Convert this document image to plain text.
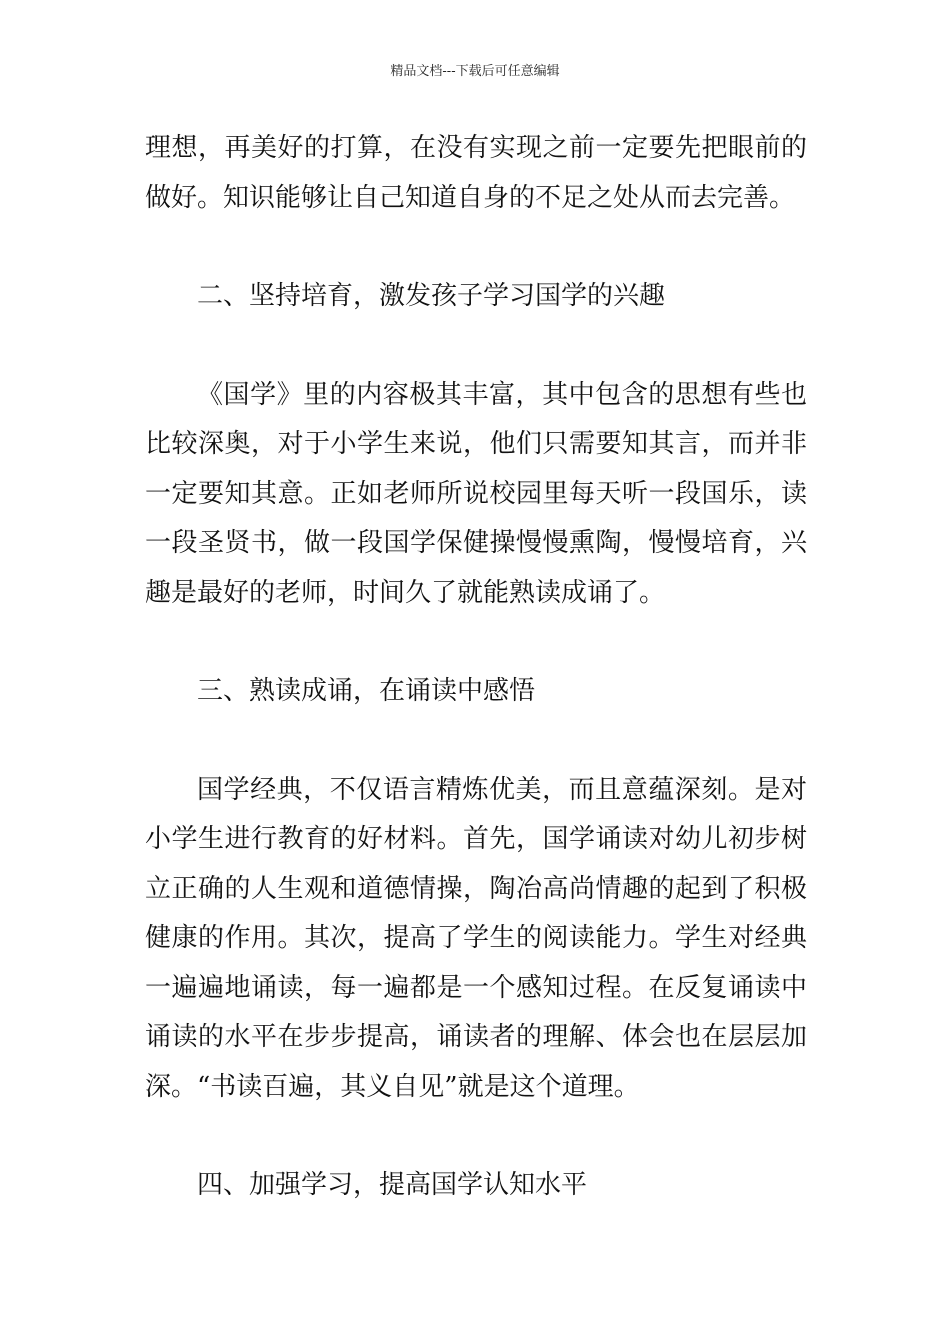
精品文档---下载后可任意编辑

理想，再美好的打算，在没有实现之前一定要先把眼前的做好。知识能够让自己知道自身的不足之处从而去完善。

二、坚持培育，激发孩子学习国学的兴趣

《国学》里的内容极其丰富，其中包含的思想有些也比较深奥，对于小学生来说，他们只需要知其言，而并非一定要知其意。正如老师所说校园里每天听一段国乐，读一段圣贤书，做一段国学保健操慢慢熏陶，慢慢培育，兴趣是最好的老师，时间久了就能熟读成诵了。

三、熟读成诵，在诵读中感悟

国学经典，不仅语言精炼优美，而且意蕴深刻。是对小学生进行教育的好材料。首先，国学诵读对幼儿初步树立正确的人生观和道德情操，陶冶高尚情趣的起到了积极健康的作用。其次，提高了学生的阅读能力。学生对经典一遍遍地诵读，每一遍都是一个感知过程。在反复诵读中诵读的水平在步步提高，诵读者的理解、体会也在层层加深。“书读百遍，其义自见”就是这个道理。

四、加强学习，提高国学认知水平
